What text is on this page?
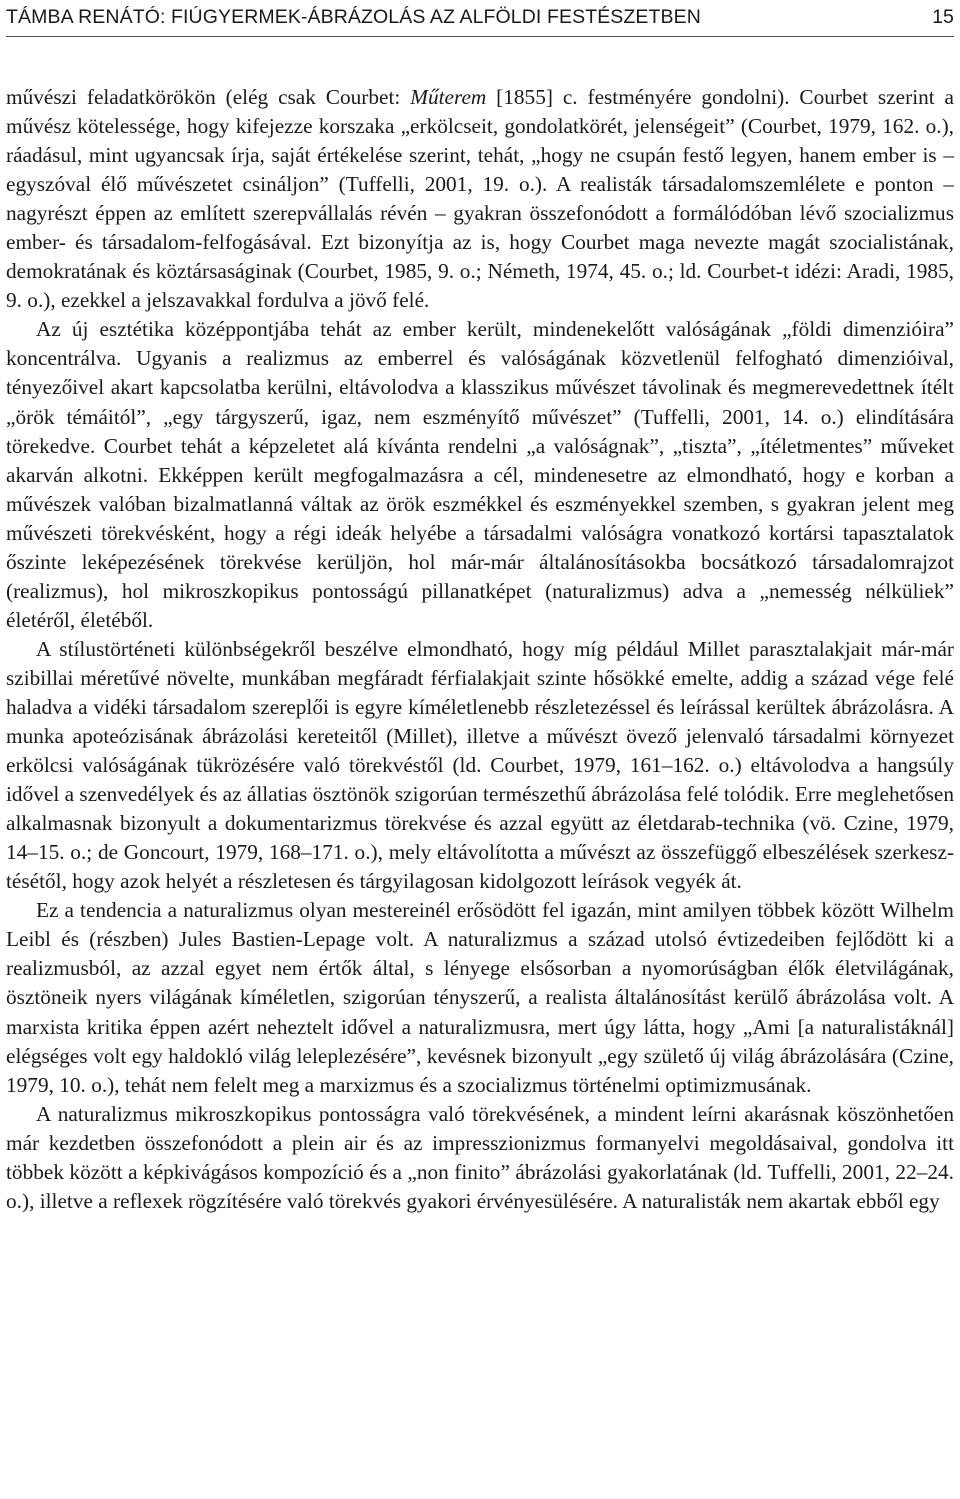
TÁMBA RENÁTÓ: FIÚGYERMEK-ÁBRÁZOLÁS AZ ALFÖLDI FESTÉSZETBEN	15

művészi feladatkörökön (elég csak Courbet: Műterem [1855] c. festményére gondolni). Courbet szerint a művész kötelessége, hogy kifejezze korszaka „erkölcseit, gondolatkörét, jelenségeit” (Courbet, 1979, 162. o.), ráadásul, mint ugyancsak írja, saját értékelése szerint, tehát, „hogy ne csupán festő legyen, hanem ember is – egyszóval élő művészetet csináljon” (Tuffelli, 2001, 19. o.). A realisták társadalomszemlélete e ponton – nagyrészt éppen az említett szerepvállalás révén – gyakran összefonódott a formálódóban lévő szocializmus ember- és társadalom-felfogásával. Ezt bizonyítja az is, hogy Courbet maga nevezte magát szocialistának, demokratának és köztársaságinak (Courbet, 1985, 9. o.; Németh, 1974, 45. o.; ld. Courbet-t idézi: Aradi, 1985, 9. o.), ezekkel a jelszavakkal fordulva a jövő felé.

Az új esztétika középpontjába tehát az ember került, mindenekelőtt valóságának „földi dimenzióira” koncentrálva. Ugyanis a realizmus az emberrel és valóságának közvetlenül felfogható dimenzióival, tényezőivel akart kapcsolatba kerülni, eltávolodva a klasszikus művészet távolinak és megmerevedettnek ítélt „örök témáitól”, „egy tárgyszerű, igaz, nem eszményítő művészet” (Tuffelli, 2001, 14. o.) elindítására törekedve. Courbet tehát a képzeletet alá kívánta rendelni „a valóságnak”, „tiszta”, „ítéletmentes” műveket akarván alkotni. Ekképpen került megfogalmazásra a cél, mindenesetre az elmondható, hogy e korban a művészek valóban bizalmatlanná váltak az örök eszmékkel és eszményekkel szemben, s gyakran jelent meg művészeti törekvésként, hogy a régi ideák helyébe a társadalmi valóságra vonatkozó kortársi tapasztalatok őszinte leképezésének törekvése kerüljön, hol már-már általánosításokba bocsátkozó társadalomrajzot (realizmus), hol mikroszkopikus pontosságú pillanatképet (naturalizmus) adva a „nemesség nélküliek” életéről, életéből.

A stílustörténeti különbségekről beszélve elmondható, hogy míg például Millet parasztalakjait már-már szibillai méretűvé növelte, munkában megfáradt férfialakjait szinte hősökké emelte, addig a század vége felé haladva a vidéki társadalom szereplői is egyre kíméletlenebb részletezéssel és leírással kerültek ábrázolásra. A munka apoteózisának ábrázolási kereteitől (Millet), illetve a művészt övező jelenvaló társadalmi környezet erkölcsi valóságának tükrözésére való törekvéstől (ld. Courbet, 1979, 161–162. o.) eltávolodva a hangsúly idővel a szenvedélyek és az állatias ösztönök szigorúan természethű ábrázolása felé tolódik. Erre meglehetősen alkalmasnak bizonyult a dokumentarizmus törekvése és azzal együtt az életdarab-technika (vö. Czine, 1979, 14–15. o.; de Goncourt, 1979, 168–171. o.), mely eltávolította a művészt az összefüggő elbeszélések szerkesztésétől, hogy azok helyét a részletesen és tárgyilagosan kidolgozott leírások vegyék át.

Ez a tendencia a naturalizmus olyan mestereinél erősödött fel igazán, mint amilyen többek között Wilhelm Leibl és (részben) Jules Bastien-Lepage volt. A naturalizmus a század utolsó évtizedeiben fejlődött ki a realizmusból, az azzal egyet nem értők által, s lényege elsősorban a nyomorúságban élők életvilágának, ösztöneik nyers világának kíméletlen, szigorúan tényszerű, a realista általánosítást kerülő ábrázolása volt. A marxista kritika éppen azért neheztelt idővel a naturalizmusra, mert úgy látta, hogy „Ami [a naturalistáknál] elégséges volt egy haldokló világ leleplezésére”, kevésnek bizonyult „egy születő új világ ábrázolására (Czine, 1979, 10. o.), tehát nem felelt meg a marxizmus és a szocializmus történelmi optimizmusának.

A naturalizmus mikroszkopikus pontosságra való törekvésének, a mindent leírni akarásnak köszönhetően már kezdetben összefonódott a plein air és az impresszionizmus formanyelvi megoldásaival, gondolva itt többek között a képkivágásos kompozíció és a „non finito” ábrázolási gyakorlatának (ld. Tuffelli, 2001, 22–24. o.), illetve a reflexek rögzítésére való törekvés gyakori érvényesülésére. A naturalisták nem akartak ebből egy
